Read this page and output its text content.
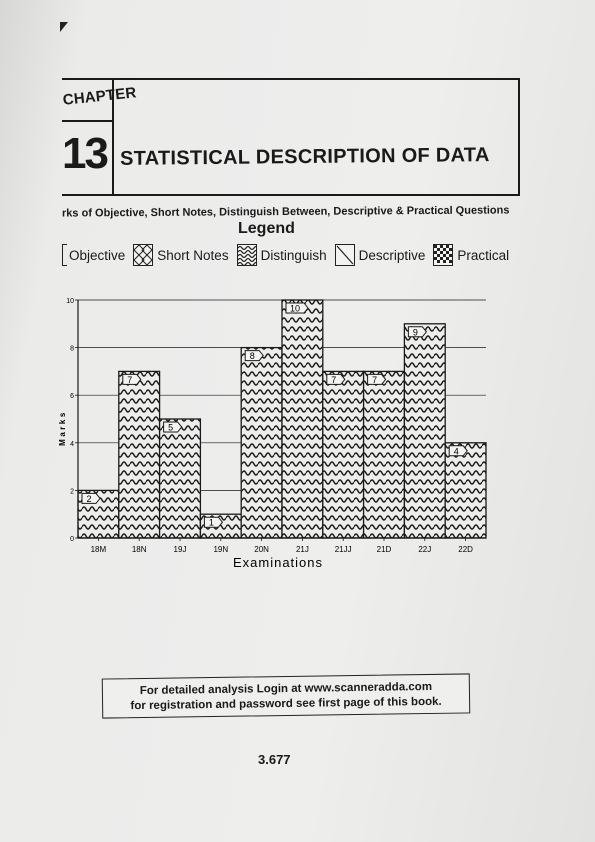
CHAPTER
13 STATISTICAL DESCRIPTION OF DATA
rks of Objective, Short Notes, Distinguish Between, Descriptive & Practical Questions
Legend
Objective Short Notes Distinguish Descriptive Practical
2
7
5
1
8
10
7	7
9
4
18M	18N	19J	19N	20N	21J	21JJ	21D	22J	22D
0
2
4
6
8
10
Marks
Examinations
For detailed analysis Login at www.scanneradda.com
for registration and password see first page of this book.
3.677
